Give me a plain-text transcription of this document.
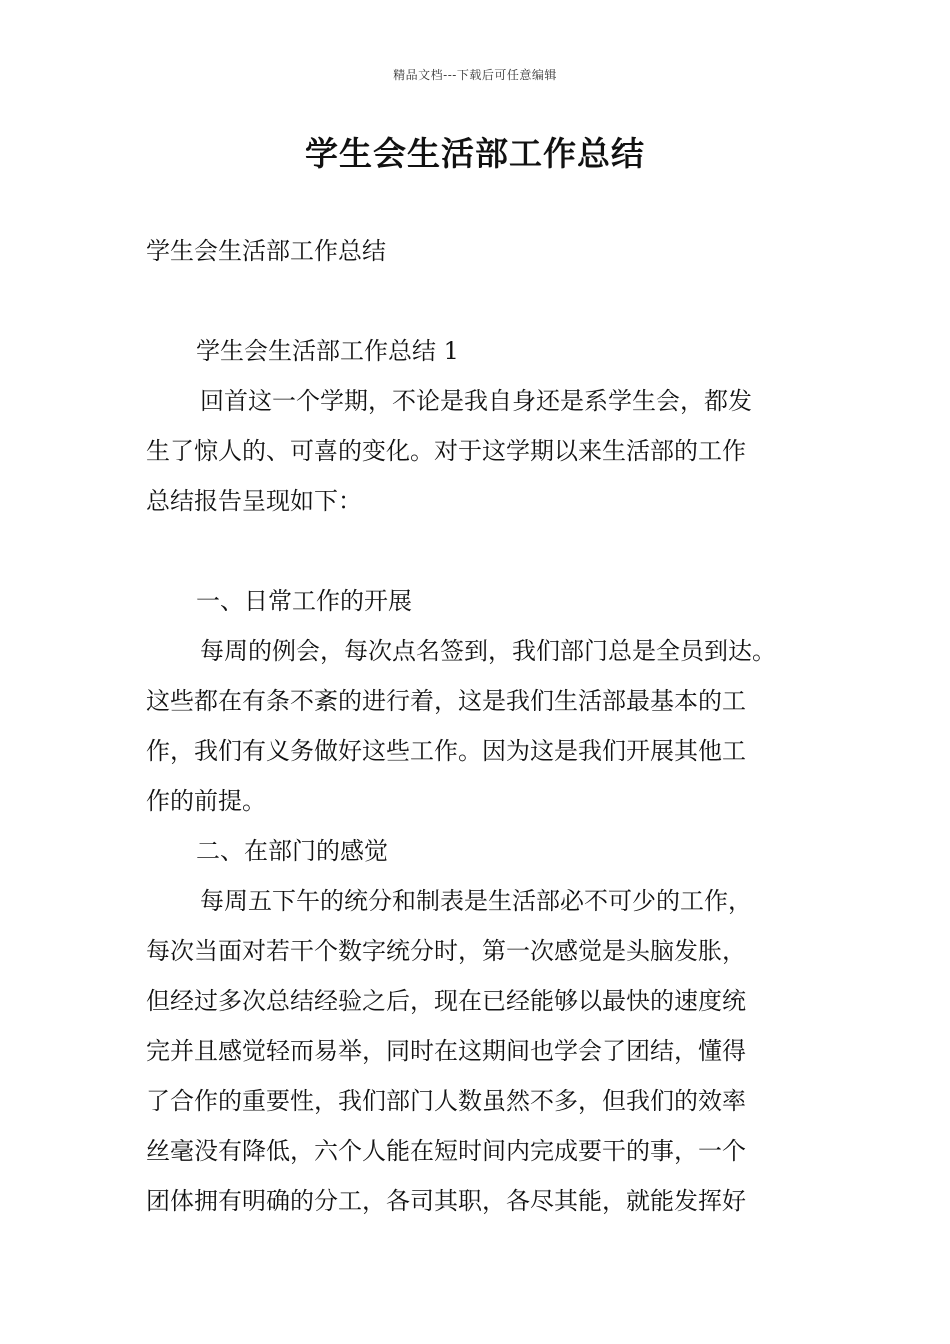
精品文档---下载后可任意编辑
学生会生活部工作总结

学生会生活部工作总结

学生会生活部工作总结 1

回首这一个学期，不论是我自身还是系学生会，都发

生了惊人的、可喜的变化。对于这学期以来生活部的工作

总结报告呈现如下：

一、日常工作的开展

每周的例会，每次点名签到，我们部门总是全员到达。

这些都在有条不紊的进行着，这是我们生活部最基本的工

作，我们有义务做好这些工作。因为这是我们开展其他工

作的前提。

二、在部门的感觉

每周五下午的统分和制表是生活部必不可少的工作，

每次当面对若干个数字统分时，第一次感觉是头脑发胀，

但经过多次总结经验之后，现在已经能够以最快的速度统

完并且感觉轻而易举，同时在这期间也学会了团结，懂得

了合作的重要性，我们部门人数虽然不多，但我们的效率

丝毫没有降低，六个人能在短时间内完成要干的事，一个

团体拥有明确的分工，各司其职，各尽其能，就能发挥好
